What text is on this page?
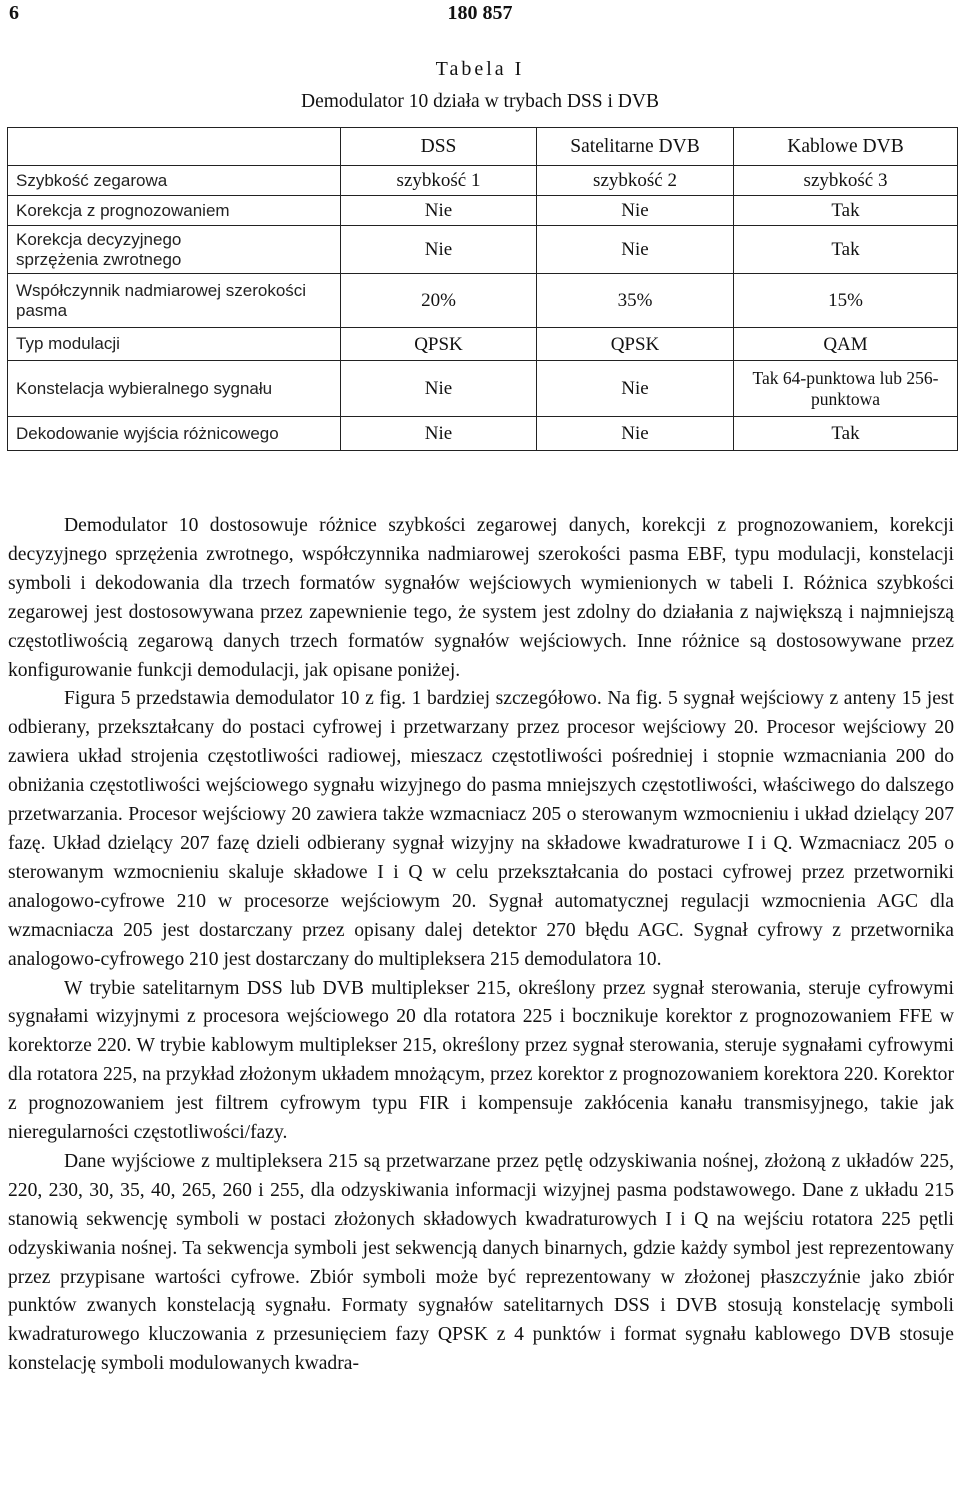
6	180 857
Tabela I
Demodulator 10 działa w trybach DSS i DVB
	DSS	Satelitarne DVB	Kablowe DVB
Szybkość zegarowa	szybkość 1	szybkość 2	szybkość 3
Korekcja z prognozowaniem	Nie	Nie	Tak
Korekcja decyzyjnego sprzężenia zwrotnego	Nie	Nie	Tak
Współczynnik nadmiarowej szerokości pasma	20%	35%	15%
Typ modulacji	QPSK	QPSK	QAM
Konstelacja wybieralnego sygnału	Nie	Nie	Tak 64-punktowa lub 256-punktowa
Dekodowanie wyjścia różnicowego	Nie	Nie	Tak

Demodulator 10 dostosowuje różnice szybkości zegarowej danych, korekcji z prognozowaniem, korekcji decyzyjnego sprzężenia zwrotnego, współczynnika nadmiarowej szerokości pasma EBF, typu modulacji, konstelacji symboli i dekodowania dla trzech formatów sygnałów wejściowych wymienionych w tabeli I. Różnica szybkości zegarowej jest dostosowywana przez zapewnienie tego, że system jest zdolny do działania z największą i najmniejszą częstotliwością zegarową danych trzech formatów sygnałów wejściowych. Inne różnice są dostosowywane przez konfigurowanie funkcji demodulacji, jak opisane poniżej.

Figura 5 przedstawia demodulator 10 z fig. 1 bardziej szczegółowo. Na fig. 5 sygnał wejściowy z anteny 15 jest odbierany, przekształcany do postaci cyfrowej i przetwarzany przez procesor wejściowy 20. Procesor wejściowy 20 zawiera układ strojenia częstotliwości radiowej, mieszacz częstotliwości pośredniej i stopnie wzmacniania 200 do obniżania częstotliwości wejściowego sygnału wizyjnego do pasma mniejszych częstotliwości, właściwego do dalszego przetwarzania. Procesor wejściowy 20 zawiera także wzmacniacz 205 o sterowanym wzmocnieniu i układ dzielący 207 fazę. Układ dzielący 207 fazę dzieli odbierany sygnał wizyjny na składowe kwadraturowe I i Q. Wzmacniacz 205 o sterowanym wzmocnieniu skaluje składowe I i Q w celu przekształcania do postaci cyfrowej przez przetworniki analogowo-cyfrowe 210 w procesorze wejściowym 20. Sygnał automatycznej regulacji wzmocnienia AGC dla wzmacniacza 205 jest dostarczany przez opisany dalej detektor 270 błędu AGC. Sygnał cyfrowy z przetwornika analogowo-cyfrowego 210 jest dostarczany do multipleksera 215 demodulatora 10.

W trybie satelitarnym DSS lub DVB multiplekser 215, określony przez sygnał sterowania, steruje cyfrowymi sygnałami wizyjnymi z procesora wejściowego 20 dla rotatora 225 i bocznikuje korektor z prognozowaniem FFE w korektorze 220. W trybie kablowym multiplekser 215, określony przez sygnał sterowania, steruje sygnałami cyfrowymi dla rotatora 225, na przykład złożonym układem mnożącym, przez korektor z prognozowaniem korektora 220. Korektor z prognozowaniem jest filtrem cyfrowym typu FIR i kompensuje zakłócenia kanału transmisyjnego, takie jak nieregularności częstotliwości/fazy.

Dane wyjściowe z multipleksera 215 są przetwarzane przez pętlę odzyskiwania nośnej, złożoną z układów 225, 220, 230, 30, 35, 40, 265, 260 i 255, dla odzyskiwania informacji wizyjnej pasma podstawowego. Dane z układu 215 stanowią sekwencję symboli w postaci złożonych składowych kwadraturowych I i Q na wejściu rotatora 225 pętli odzyskiwania nośnej. Ta sekwencja symboli jest sekwencją danych binarnych, gdzie każdy symbol jest reprezentowany przez przypisane wartości cyfrowe. Zbiór symboli może być reprezentowany w złożonej płaszczyźnie jako zbiór punktów zwanych konstelacją sygnału. Formaty sygnałów satelitarnych DSS i DVB stosują konstelację symboli kwadraturowego kluczowania z przesunięciem fazy QPSK z 4 punktów i format sygnału kablowego DVB stosuje konstelację symboli modulowanych kwadra-
